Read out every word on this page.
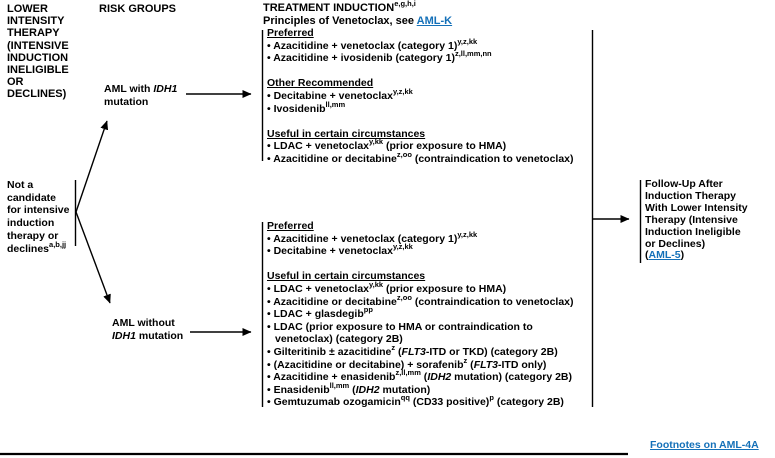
LOWER
INTENSITY
THERAPY
(INTENSIVE
INDUCTION
INELIGIBLE
OR
DECLINES)
RISK GROUPS	TREATMENT INDUCTION$^{e,g,h,i}$
Principles of Venetoclax, see AML-K
Not a
candidate
for intensive
induction
therapy or
declines$^{a,b,jj}$
AML with IDH1
mutation
AML without
IDH1 mutation
Preferred
• Azacitidine + venetoclax (category 1)$^{y,z,kk}$
• Azacitidine + ivosidenib (category 1)$^{z,ll,mm,nn}$

Other Recommended
• Decitabine + venetoclax$^{y,z,kk}$
• Ivosidenib$^{ll,mm}$

Useful in certain circumstances
• LDAC + venetoclax$^{y,kk}$ (prior exposure to HMA)
• Azacitidine or decitabine$^{z,oo}$ (contraindication to venetoclax)
Preferred
• Azacitidine + venetoclax (category 1)$^{y,z,kk}$
• Decitabine + venetoclax$^{y,z,kk}$

Useful in certain circumstances
• LDAC + venetoclax$^{y,kk}$ (prior exposure to HMA)
• Azacitidine or decitabine$^{z,oo}$ (contraindication to venetoclax)
• LDAC + glasdegib$^{pp}$
• LDAC (prior exposure to HMA or contraindication to
venetoclax) (category 2B)
• Gilteritinib ± azacitidine$^z$ (FLT3-ITD or TKD) (category 2B)
• (Azacitidine or decitabine) + sorafenib$^z$ (FLT3-ITD only)
• Azacitidine + enasidenib$^{z,ll,mm}$ (IDH2 mutation) (category 2B)
• Enasidenib$^{ll,mm}$ (IDH2 mutation)
• Gemtuzumab ozogamicin$^{qq}$ (CD33 positive)$^p$ (category 2B)
Follow-Up After
Induction Therapy
With Lower Intensity
Therapy (Intensive
Induction Ineligible
or Declines)
(AML-5)
Footnotes on AML-4A
